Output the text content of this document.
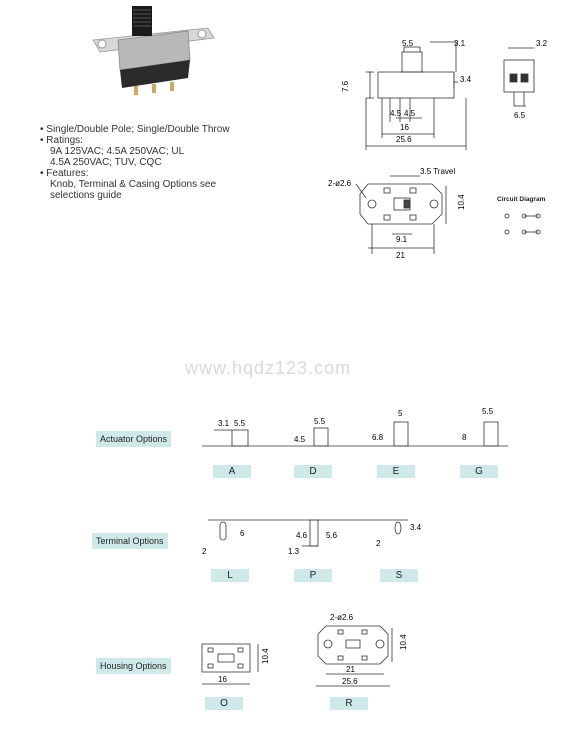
• Single/Double Pole; Single/Double Throw
• Ratings:
9A 125VAC; 4.5A 250VAC; UL
4.5A 250VAC; TUV, CQC
• Features:
Knob, Terminal & Casing Options see
selections guide
5.5	3.1
7.6
3.4
4.5 4.5
16
25.6
3.2
6.5
2-ø2.6
3.5 Travel
10.4
9.1
21
Circuit Diagram
www.hqdz123.com
Actuator Options
3.1 5.5	5.5
4.5
5
6.8
5.5
8
A	D	E	G
Terminal Options
2
6	4.6 5.6
1.3
2
3.4
L	P	S
Housing Options
10.4
16
2-ø2.6
10.4
21
25.6
O	R
